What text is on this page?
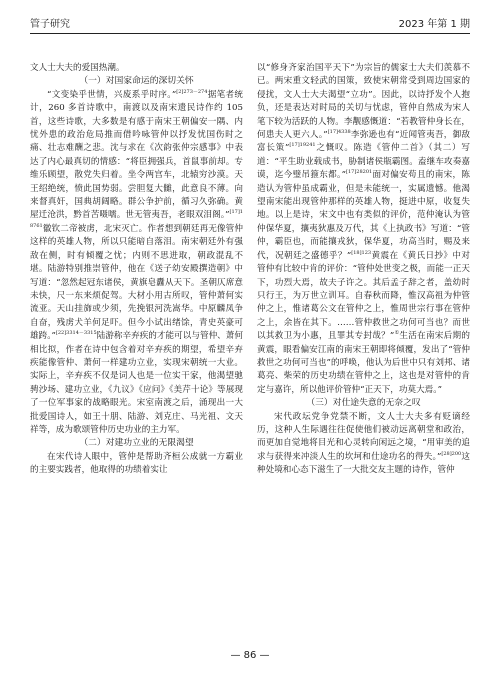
管子研究	2023 年第 1 期

文人士大夫的爱国热潮。

（一）对国家命运的深切关怀

“文变染乎世情，兴废系乎时序。”$^{[2]273-274}$据笔者统计，260 多首诗歌中，南渡以及南宋遗民诗作约 105 首，这些诗歌，大多数是有感于南宋王朝偏安一隅、内忧外患的政治危局推而借吟咏管仲以抒发忧国伤时之痛、壮志难酬之悲。沈与求在《次韵张仲宗感事》中表达了内心最真切的情感：“将臣拥强兵，首鼠事前却。专维乐顾望，散党失归着。坐令两宫车，北辕穷沙漠。天王绍绝统，愤此国势弱。尝胆复大雠，此意良不薄。向来督真奸，国典胡阔略。群公争护前，循习久弥确。黄屋迁沧洪，黔首苦嗫嚅。世无管夷吾，老眼双泪阁。”$^{[17]18761}$徽钦二帝被虏，北宋灭亡。作者想到朝廷再无像管仲这样的英雄人物，所以只能暗自落泪。南宋朝廷外有强敌在侧，时有倾覆之忧；内则不思进取，朝政混乱不堪。陆游特别推崇管仲，他在《送子幼安殿撰造朝》中写道：“忽然起冠东诸侯，黄旗皂纛从天下。圣朝仄席意未快，尺一东来烦促驾。大材小用古所叹，管仲萧何实流亚。天山挂旆或少须，先挽银河洗嵩华。中原麟凤争自奋，残虏犬羊何足吓。但今小试出绪馀，青史英豪可雄跨。”$^{[22]3314-3315}$陆游称辛弃疾的才能可以与管仲、萧何相比拟，作者在诗中包含着对辛弃疾的期望，希望辛弃疾能像管仲、萧何一样建功立业，实现宋朝统一大业。实际上，辛弃疾不仅是词人也是一位实干家，他渴望驰骋沙场、建功立业，《九议》《应问》《美芹十论》等展现了一位军事家的战略眼光。宋室南渡之后，涌现出一大批爱国诗人，如王十朋、陆游、刘克庄、马光祖、文天祥等，成为歌颂管仲历史功业的主力军。

（二）对建功立业的无限渴望

在宋代诗人眼中，管仲是帮助齐桓公成就一方霸业的主要实践者，他取得的功绩着实让

以“修身齐家治国平天下”为宗旨的儒家士大夫们羡慕不已。两宋重文轻武的国策，致使宋朝常受到周边国家的侵扰，文人士大夫渴望“立功”。因此，以诗抒发个人抱负，还是表达对时局的关切与忧虑，管仲自然成为宋人笔下较为活跃的人物。李觏感慨道：“若教管仲身长在，何患夫人更六人。”$^{[17]4338}$李弥逊也有“近闻管夷吾，御敌富长策”$^{[17]19241}$之慨叹。陈造《管仲二首》（其二）写道：“平生助业载成书，胁制诸侯瓶霸图。盍继车攻奏嘉谟，迄今璧吊箍东都。”$^{[17]28201}$面对偏安苟且的南宋，陈造认为管仲虽成霸业，但是未能统一，实属遗憾。他渴望南宋能出现管仲那样的英雄人物，挺进中原，收复失地。以上是诗，宋文中也有类似的评价，范仲淹认为管仲保华夏，攘夷狄惠及万代，其《上执政书》写道：“管仲，霸臣也，而能攘戎狄，保华夏，功高当时，赐及来代，况朝廷之盛德乎？”$^{[18]123}$黄震在《黄氏日抄》中对管仲有比较中肯的评价：“管仲处世变之极，而能一正天下，功烈大焉，故夫子许之。其后孟子辞之者，盖幼时只行王，为万世立训耳。自春秋而降，惟汉高祖为仲管仲之上，惟诸葛公文在管仲之上，惟周世宗行事在管仲之上，余皆在其下。……管仲救世之功何可当也？而世以其救卫为小惠，且罪其专封哉？”①生活在南宋后期的黄震，眼看偏安江南的南宋王朝即将倾覆，发出了“管仲救世之功何可当也”的呼唤，他认为后世中只有刘邦、诸葛亮、柴荣的历史功绩在管仲之上，这也是对管仲的肯定与嘉许，所以他评价管仲“正天下，功莫大焉。”

（三）对仕途失意的无奈之叹

宋代政坛党争党禁不断，文人士大夫多有贬谪经历，这种人生际遇往往促使他们被动远离朝堂和政治，而更加自觉地将目光和心灵转向闲远之境，“用审美的追求与获得来冲淡人生的坎坷和仕途功名的得失。”$^{[28]200}$这种处境和心态下滋生了一大批交友主题的诗作，管仲

— 86 —
